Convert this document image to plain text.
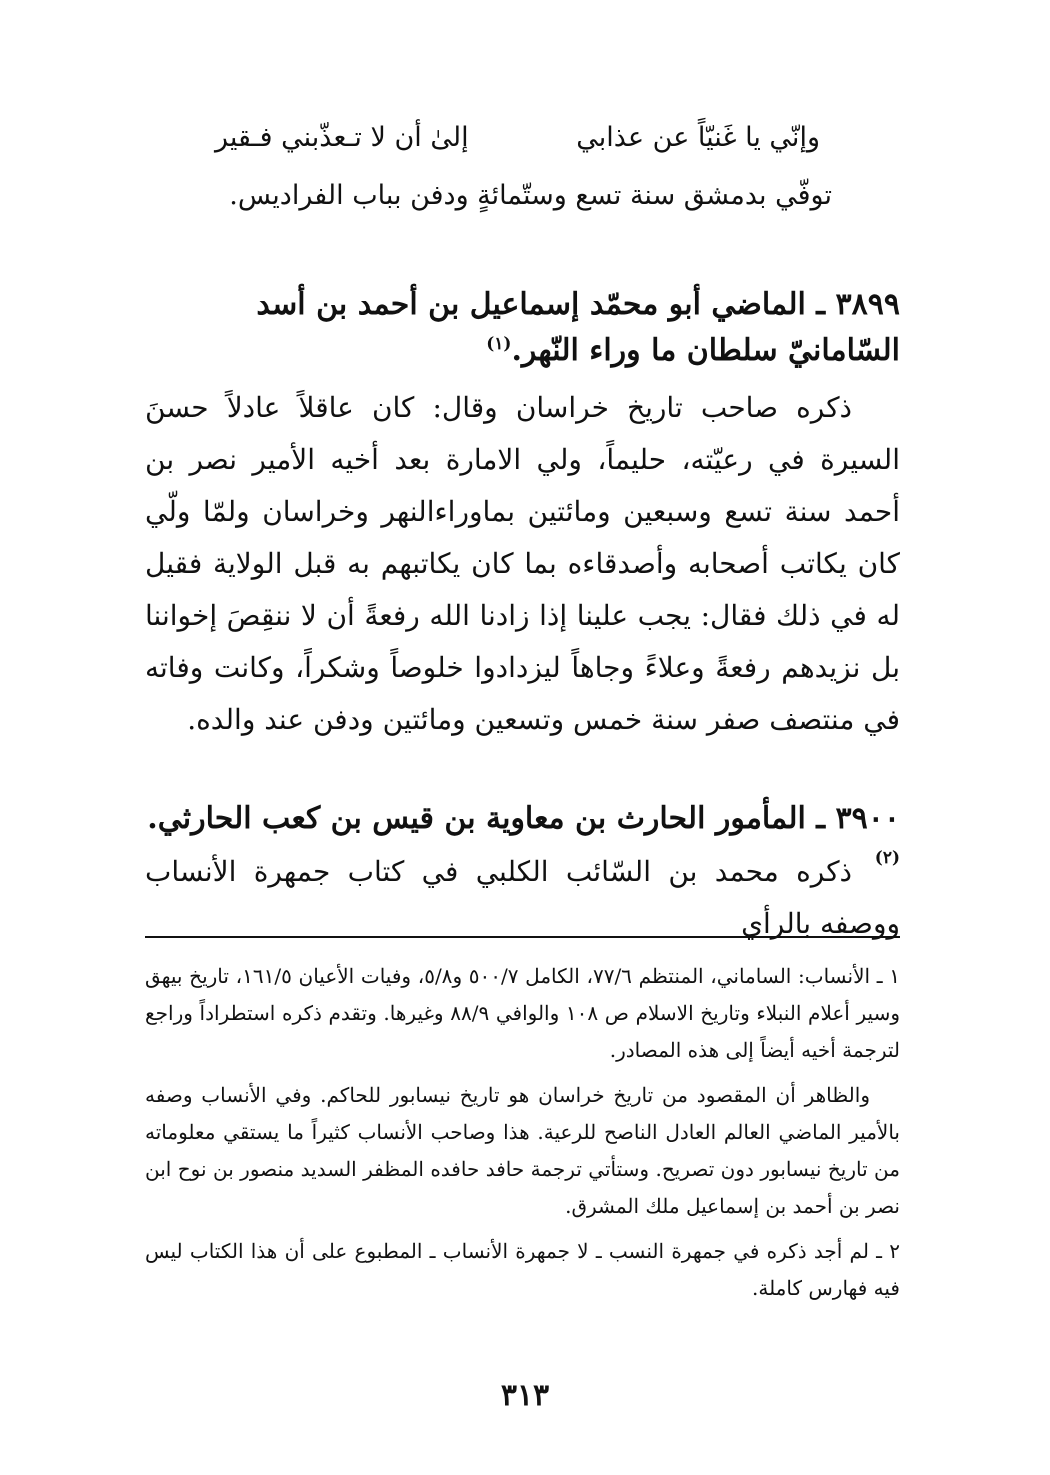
وإنّي يا غَنيّاً عن عذابي
إلىٰ أن لا تـعذّبني فـقير
توفّي بدمشق سنة تسع وستّمائةٍ ودفن بباب الفراديس.
٣٨٩٩ ـ الماضي أبو محمّد إسماعيل بن أحمد بن أسد السّامانيّ سلطان ما وراء النّهر.$^{(١)}$
ذكره صاحب تاريخ خراسان وقال: كان عاقلاً عادلاً حسنَ السيرة في رعيّته، حليماً، ولي الامارة بعد أخيه الأمير نصر بن أحمد سنة تسع وسبعين ومائتين بماوراءالنهر وخراسان ولمّا ولّي كان يكاتب أصحابه وأصدقاءه بما كان يكاتبهم به قبل الولاية فقيل له في ذلك فقال: يجب علينا إذا زادنا الله رفعةً أن لا ننقِصَ إخواننا بل نزيدهم رفعةً وعلاءً وجاهاً ليزدادوا خلوصاً وشكراً، وكانت وفاته في منتصف صفر سنة خمس وتسعين ومائتين ودفن عند والده.
٣٩٠٠ ـ المأمور الحارث بن معاوية بن قيس بن كعب الحارثي.$^{(٢)}$
ذكره محمد بن السّائب الكلبي في كتاب جمهرة الأنساب ووصفه بالرأي

١ ـ الأنساب: الساماني، المنتظم ٧٧/٦، الكامل ٥٠٠/٧ و٥/٨، وفيات الأعيان ١٦١/٥، تاريخ بيهق وسير أعلام النبلاء وتاريخ الاسلام ص ١٠٨ والوافي ٨٨/٩ وغيرها. وتقدم ذكره استطراداً وراجع لترجمة أخيه أيضاً إلى هذه المصادر.

والظاهر أن المقصود من تاريخ خراسان هو تاريخ نيسابور للحاكم. وفي الأنساب وصفه بالأمير الماضي العالم العادل الناصح للرعية. هذا وصاحب الأنساب كثيراً ما يستقي معلوماته من تاريخ نيسابور دون تصريح. وستأتي ترجمة حافد حافده المظفر السديد منصور بن نوح ابن نصر بن أحمد بن إسماعيل ملك المشرق.

٢ ـ لم أجد ذكره في جمهرة النسب ـ لا جمهرة الأنساب ـ المطبوع على أن هذا الكتاب ليس فيه فهارس كاملة.

٣١٣
